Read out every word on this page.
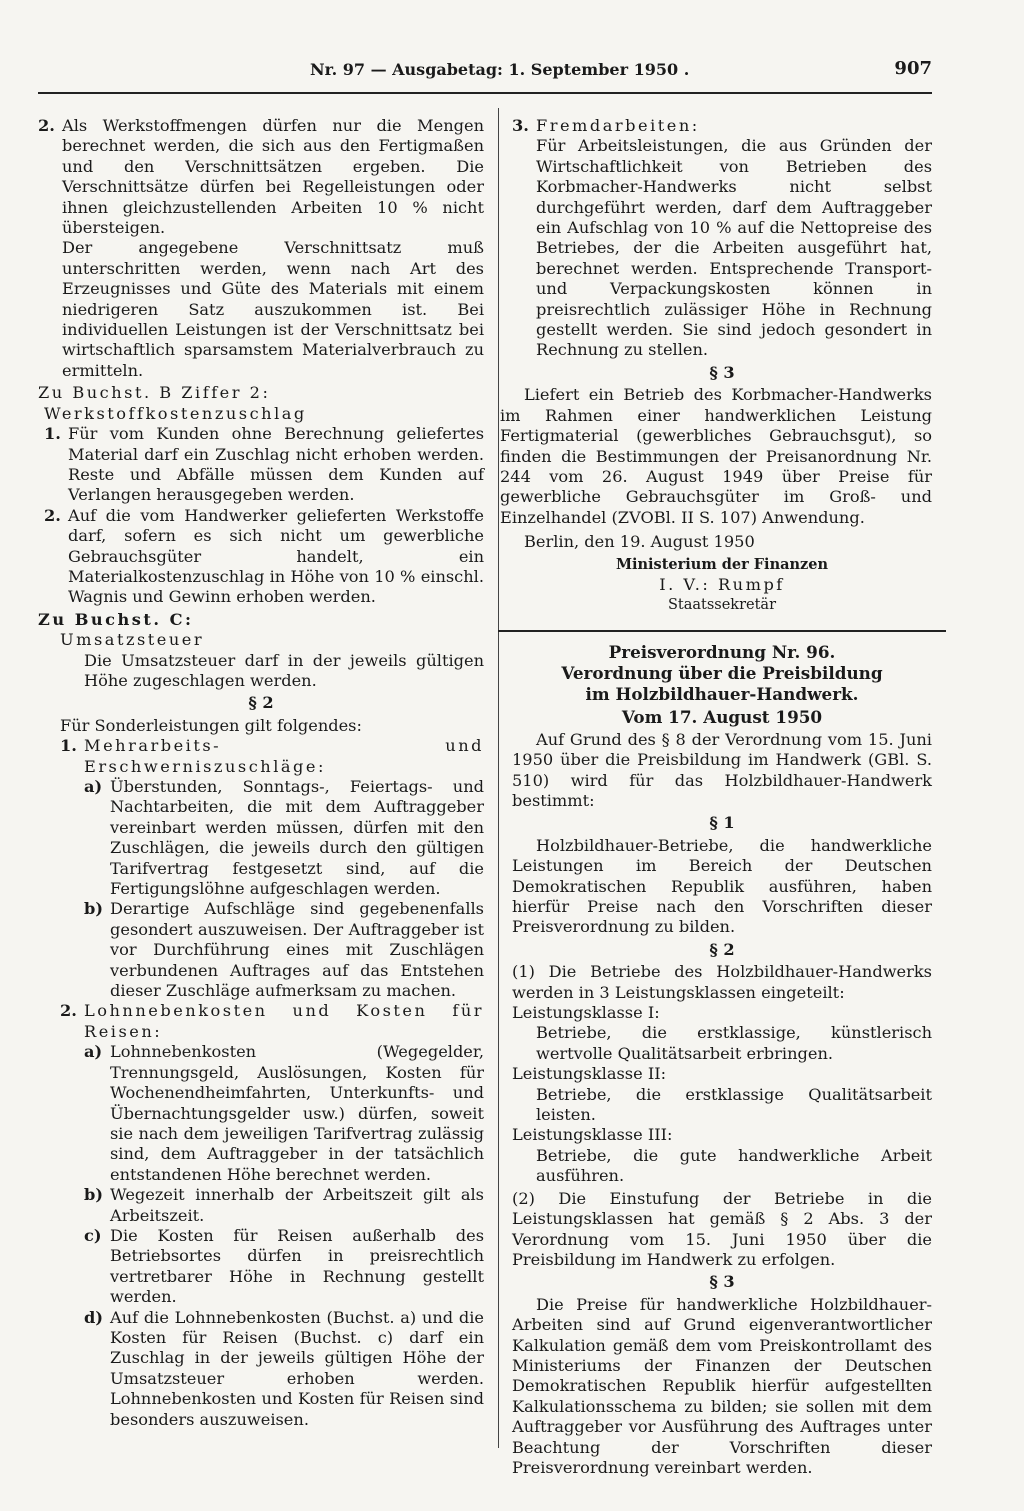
Nr. 97 — Ausgabetag: 1. September 1950 .	907
2. Als Werkstoffmengen dürfen nur die Mengen berechnet werden, die sich aus den Fertigmaßen und den Verschnittsätzen ergeben. Die Verschnittsätze dürfen bei Regelleistungen oder ihnen gleichzustellenden Arbeiten 10 % nicht übersteigen.

Der angegebene Verschnittsatz muß unterschritten werden, wenn nach Art des Erzeugnisses und Güte des Materials mit einem niedrigeren Satz auszukommen ist. Bei individuellen Leistungen ist der Verschnittsatz bei wirtschaftlich sparsamstem Materialverbrauch zu ermitteln.

Zu Buchst. B Ziffer 2:

Werkstoffkostenzuschlag

1. Für vom Kunden ohne Berechnung geliefertes Material darf ein Zuschlag nicht erhoben werden. Reste und Abfälle müssen dem Kunden auf Verlangen herausgegeben werden.

2. Auf die vom Handwerker gelieferten Werkstoffe darf, sofern es sich nicht um gewerbliche Gebrauchsgüter handelt, ein Materialkostenzuschlag in Höhe von 10 % einschl. Wagnis und Gewinn erhoben werden.

Zu Buchst. C:

Umsatzsteuer

Die Umsatzsteuer darf in der jeweils gültigen Höhe zugeschlagen werden.

§ 2

Für Sonderleistungen gilt folgendes:

1. Mehrarbeits- und Erschwerniszuschläge:

a) Überstunden, Sonntags-, Feiertags- und Nachtarbeiten, die mit dem Auftraggeber vereinbart werden müssen, dürfen mit den Zuschlägen, die jeweils durch den gültigen Tarifvertrag festgesetzt sind, auf die Fertigungslöhne aufgeschlagen werden.

b) Derartige Aufschläge sind gegebenenfalls gesondert auszuweisen. Der Auftraggeber ist vor Durchführung eines mit Zuschlägen verbundenen Auftrages auf das Entstehen dieser Zuschläge aufmerksam zu machen.

2. Lohnnebenkosten und Kosten für Reisen:

a) Lohnnebenkosten (Wegegelder, Trennungsgeld, Auslösungen, Kosten für Wochenendheimfahrten, Unterkunfts- und Übernachtungsgelder usw.) dürfen, soweit sie nach dem jeweiligen Tarifvertrag zulässig sind, dem Auftraggeber in der tatsächlich entstandenen Höhe berechnet werden.

b) Wegezeit innerhalb der Arbeitszeit gilt als Arbeitszeit.

c) Die Kosten für Reisen außerhalb des Betriebsortes dürfen in preisrechtlich vertretbarer Höhe in Rechnung gestellt werden.

d) Auf die Lohnnebenkosten (Buchst. a) und die Kosten für Reisen (Buchst. c) darf ein Zuschlag in der jeweils gültigen Höhe der Umsatzsteuer erhoben werden. Lohnnebenkosten und Kosten für Reisen sind besonders auszuweisen.

3. Fremdarbeiten:

Für Arbeitsleistungen, die aus Gründen der Wirtschaftlichkeit von Betrieben des Korbmacher-Handwerks nicht selbst durchgeführt werden, darf dem Auftraggeber ein Aufschlag von 10 % auf die Nettopreise des Betriebes, der die Arbeiten ausgeführt hat, berechnet werden. Entsprechende Transport- und Verpackungskosten können in preisrechtlich zulässiger Höhe in Rechnung gestellt werden. Sie sind jedoch gesondert in Rechnung zu stellen.

§ 3

Liefert ein Betrieb des Korbmacher-Handwerks im Rahmen einer handwerklichen Leistung Fertigmaterial (gewerbliches Gebrauchsgut), so finden die Bestimmungen der Preisanordnung Nr. 244 vom 26. August 1949 über Preise für gewerbliche Gebrauchsgüter im Groß- und Einzelhandel (ZVOBl. II S. 107) Anwendung.

Berlin, den 19. August 1950

Ministerium der Finanzen

I. V.: Rumpf

Staatssekretär

Preisverordnung Nr. 96.

Verordnung über die Preisbildung

im Holzbildhauer-Handwerk.

Vom 17. August 1950

Auf Grund des § 8 der Verordnung vom 15. Juni 1950 über die Preisbildung im Handwerk (GBl. S. 510) wird für das Holzbildhauer-Handwerk bestimmt:

§ 1

Holzbildhauer-Betriebe, die handwerkliche Leistungen im Bereich der Deutschen Demokratischen Republik ausführen, haben hierfür Preise nach den Vorschriften dieser Preisverordnung zu bilden.

§ 2

(1) Die Betriebe des Holzbildhauer-Handwerks werden in 3 Leistungsklassen eingeteilt:

Leistungsklasse I:

Betriebe, die erstklassige, künstlerisch wertvolle Qualitätsarbeit erbringen.

Leistungsklasse II:

Betriebe, die erstklassige Qualitätsarbeit leisten.

Leistungsklasse III:

Betriebe, die gute handwerkliche Arbeit ausführen.

(2) Die Einstufung der Betriebe in die Leistungsklassen hat gemäß § 2 Abs. 3 der Verordnung vom 15. Juni 1950 über die Preisbildung im Handwerk zu erfolgen.

§ 3

Die Preise für handwerkliche Holzbildhauer-Arbeiten sind auf Grund eigenverantwortlicher Kalkulation gemäß dem vom Preiskontrollamt des Ministeriums der Finanzen der Deutschen Demokratischen Republik hierfür aufgestellten Kalkulationsschema zu bilden; sie sollen mit dem Auftraggeber vor Ausführung des Auftrages unter Beachtung der Vorschriften dieser Preisverordnung vereinbart werden.
